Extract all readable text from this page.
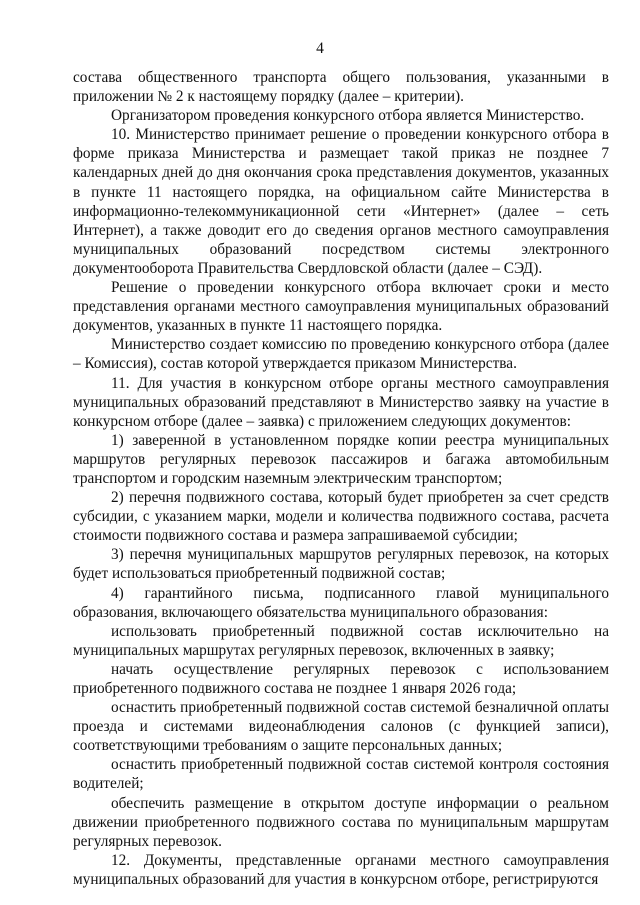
4

состава общественного транспорта общего пользования, указанными в приложении № 2 к настоящему порядку (далее – критерии).

Организатором проведения конкурсного отбора является Министерство.

10. Министерство принимает решение о проведении конкурсного отбора в форме приказа Министерства и размещает такой приказ не позднее 7 календарных дней до дня окончания срока представления документов, указанных в пункте 11 настоящего порядка, на официальном сайте Министерства в информационно-телекоммуникационной сети «Интернет» (далее – сеть Интернет), а также доводит его до сведения органов местного самоуправления муниципальных образований посредством системы электронного документооборота Правительства Свердловской области (далее – СЭД).

Решение о проведении конкурсного отбора включает сроки и место представления органами местного самоуправления муниципальных образований документов, указанных в пункте 11 настоящего порядка.

Министерство создает комиссию по проведению конкурсного отбора (далее – Комиссия), состав которой утверждается приказом Министерства.

11. Для участия в конкурсном отборе органы местного самоуправления муниципальных образований представляют в Министерство заявку на участие в конкурсном отборе (далее – заявка) с приложением следующих документов:

1) заверенной в установленном порядке копии реестра муниципальных маршрутов регулярных перевозок пассажиров и багажа автомобильным транспортом и городским наземным электрическим транспортом;

2) перечня подвижного состава, который будет приобретен за счет средств субсидии, с указанием марки, модели и количества подвижного состава, расчета стоимости подвижного состава и размера запрашиваемой субсидии;

3) перечня муниципальных маршрутов регулярных перевозок, на которых будет использоваться приобретенный подвижной состав;

4) гарантийного письма, подписанного главой муниципального образования, включающего обязательства муниципального образования:

использовать приобретенный подвижной состав исключительно на муниципальных маршрутах регулярных перевозок, включенных в заявку;

начать осуществление регулярных перевозок с использованием приобретенного подвижного состава не позднее 1 января 2026 года;

оснастить приобретенный подвижной состав системой безналичной оплаты проезда и системами видеонаблюдения салонов (с функцией записи), соответствующими требованиям о защите персональных данных;

оснастить приобретенный подвижной состав системой контроля состояния водителей;

обеспечить размещение в открытом доступе информации о реальном движении приобретенного подвижного состава по муниципальным маршрутам регулярных перевозок.

12. Документы, представленные органами местного самоуправления муниципальных образований для участия в конкурсном отборе, регистрируются
